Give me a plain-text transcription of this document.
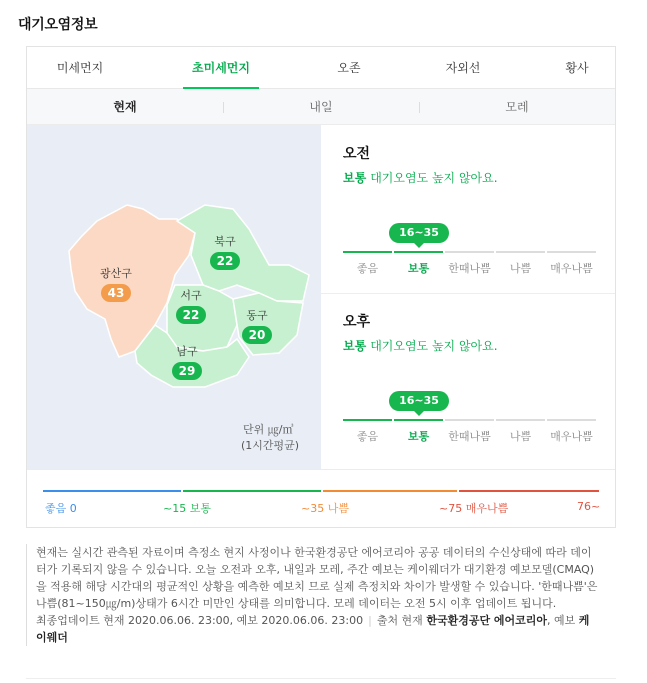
대기오염정보
미세먼지	초미세먼지	오존	자외선	황사
현재	내일	모레
광산구
43
북구
22
서구
22	동구
20
남구
29
단위 ㎍/㎥
(1시간평균)
오전
보통 대기오염도 높지 않아요.
16~35
좋음	보통	한때나쁨	나쁨	매우나쁨
오후
보통 대기오염도 높지 않아요.
16~35
좋음	보통	한때나쁨	나쁨	매우나쁨
좋음 0	~15 보통	~35 나쁨	~75 매우나쁨	76~
현재는 실시간 관측된 자료이며 측정소 현지 사정이나 한국환경공단 에어코리아 공공 데이터의 수신상태에 따라 데이터가 기록되지 않을 수 있습니다. 오늘 오전과 오후, 내일과 모레, 주간 예보는 케이웨더가 대기환경 예보모델(CMAQ)을 적용해 해당 시간대의 평균적인 상황을 예측한 예보치 므로 실제 측정치와 차이가 발생할 수 있습니다. '한때나쁨'은 나쁨(81~150㎍/m)상태가 6시간 미만인 상태를 의미합니다. 모레 데이터는 오전 5시 이후 업데이트 됩니다.
최종업데이트 현재 2020.06.06. 23:00, 예보 2020.06.06. 23:00 | 출처 현재 한국환경공단 에어코리아, 예보 케이웨더
